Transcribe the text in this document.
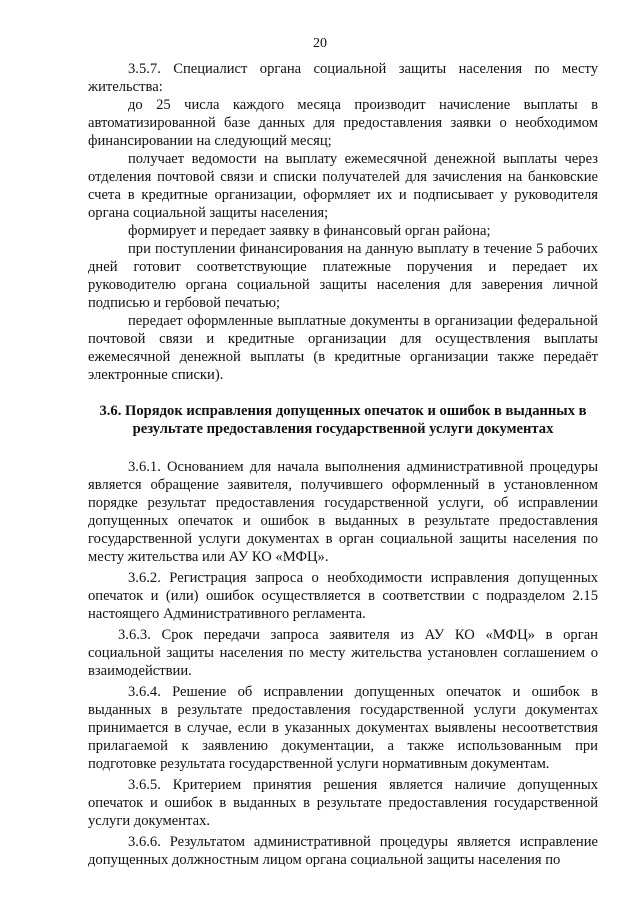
20

3.5.7. Специалист органа социальной защиты населения по месту жительства:

до 25 числа каждого месяца производит начисление выплаты в автоматизированной базе данных для предоставления заявки о необходимом финансировании на следующий месяц;

получает ведомости на выплату ежемесячной денежной выплаты через отделения почтовой связи и списки получателей для зачисления на банковские счета в кредитные организации, оформляет их и подписывает у руководителя органа социальной защиты населения;

формирует и передает заявку в финансовый орган района;

при поступлении финансирования на данную выплату в течение 5 рабочих дней готовит соответствующие платежные поручения и передает их руководителю органа социальной защиты населения для заверения личной подписью и гербовой печатью;

передает оформленные выплатные документы в организации федеральной почтовой связи и кредитные организации для осуществления выплаты ежемесячной денежной выплаты (в кредитные организации также передаёт электронные списки).

3.6. Порядок исправления допущенных опечаток и ошибок в выданных в результате предоставления государственной услуги документах

3.6.1. Основанием для начала выполнения административной процедуры является обращение заявителя, получившего оформленный в установленном порядке результат предоставления государственной услуги, об исправлении допущенных опечаток и ошибок в выданных в результате предоставления государственной услуги документах в орган социальной защиты населения по месту жительства или АУ КО «МФЦ».

3.6.2. Регистрация запроса о необходимости исправления допущенных опечаток и (или) ошибок осуществляется в соответствии с подразделом 2.15 настоящего Административного регламента.

3.6.3. Срок передачи запроса заявителя из АУ КО «МФЦ» в орган социальной защиты населения по месту жительства установлен соглашением о взаимодействии.

3.6.4. Решение об исправлении допущенных опечаток и ошибок в выданных в результате предоставления государственной услуги документах принимается в случае, если в указанных документах выявлены несоответствия прилагаемой к заявлению документации, а также использованным при подготовке результата государственной услуги нормативным документам.

3.6.5. Критерием принятия решения является наличие допущенных опечаток и ошибок в выданных в результате предоставления государственной услуги документах.

3.6.6. Результатом административной процедуры является исправление допущенных должностным лицом органа социальной защиты населения по
